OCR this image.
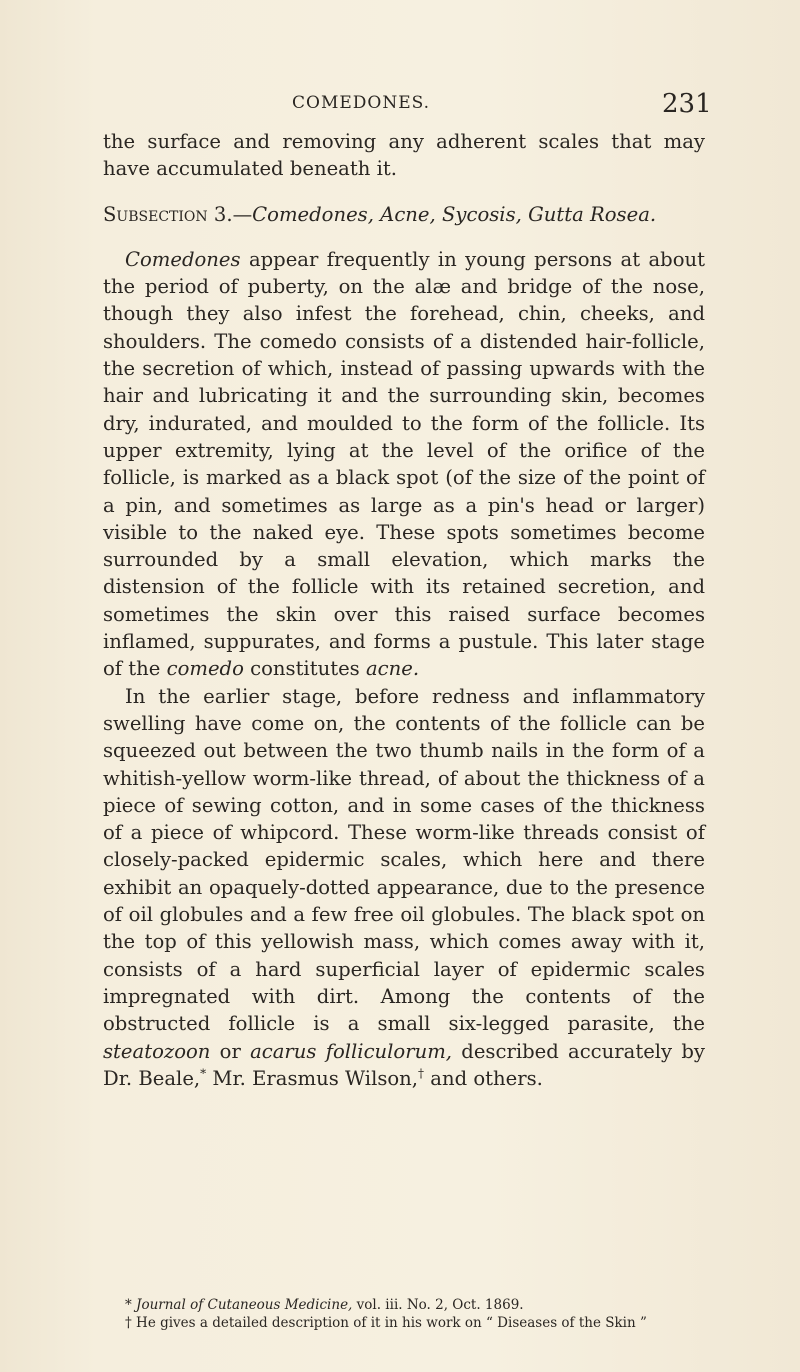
COMEDONES.	231

the surface and removing any adherent scales that may have accumulated beneath it.

Subsection 3.—Comedones, Acne, Sycosis, Gutta Rosea.

Comedones appear frequently in young persons at about the period of puberty, on the alæ and bridge of the nose, though they also infest the forehead, chin, cheeks, and shoulders. The comedo consists of a distended hair-follicle, the secretion of which, instead of passing upwards with the hair and lubricating it and the surrounding skin, becomes dry, indurated, and moulded to the form of the follicle. Its upper extremity, lying at the level of the orifice of the follicle, is marked as a black spot (of the size of the point of a pin, and sometimes as large as a pin's head or larger) visible to the naked eye. These spots sometimes become surrounded by a small elevation, which marks the distension of the follicle with its retained secretion, and sometimes the skin over this raised surface becomes inflamed, suppurates, and forms a pustule. This later stage of the comedo constitutes acne.

In the earlier stage, before redness and inflammatory swelling have come on, the contents of the follicle can be squeezed out between the two thumb nails in the form of a whitish-yellow worm-like thread, of about the thickness of a piece of sewing cotton, and in some cases of the thickness of a piece of whipcord. These worm-like threads consist of closely-packed epidermic scales, which here and there exhibit an opaquely-dotted appearance, due to the presence of oil globules and a few free oil globules. The black spot on the top of this yellowish mass, which comes away with it, consists of a hard superficial layer of epidermic scales impregnated with dirt. Among the contents of the obstructed follicle is a small six-legged parasite, the steatozoon or acarus folliculorum, described accurately by Dr. Beale,* Mr. Erasmus Wilson,† and others.

* Journal of Cutaneous Medicine, vol. iii. No. 2, Oct. 1869.

† He gives a detailed description of it in his work on “ Diseases of the Skin ”
